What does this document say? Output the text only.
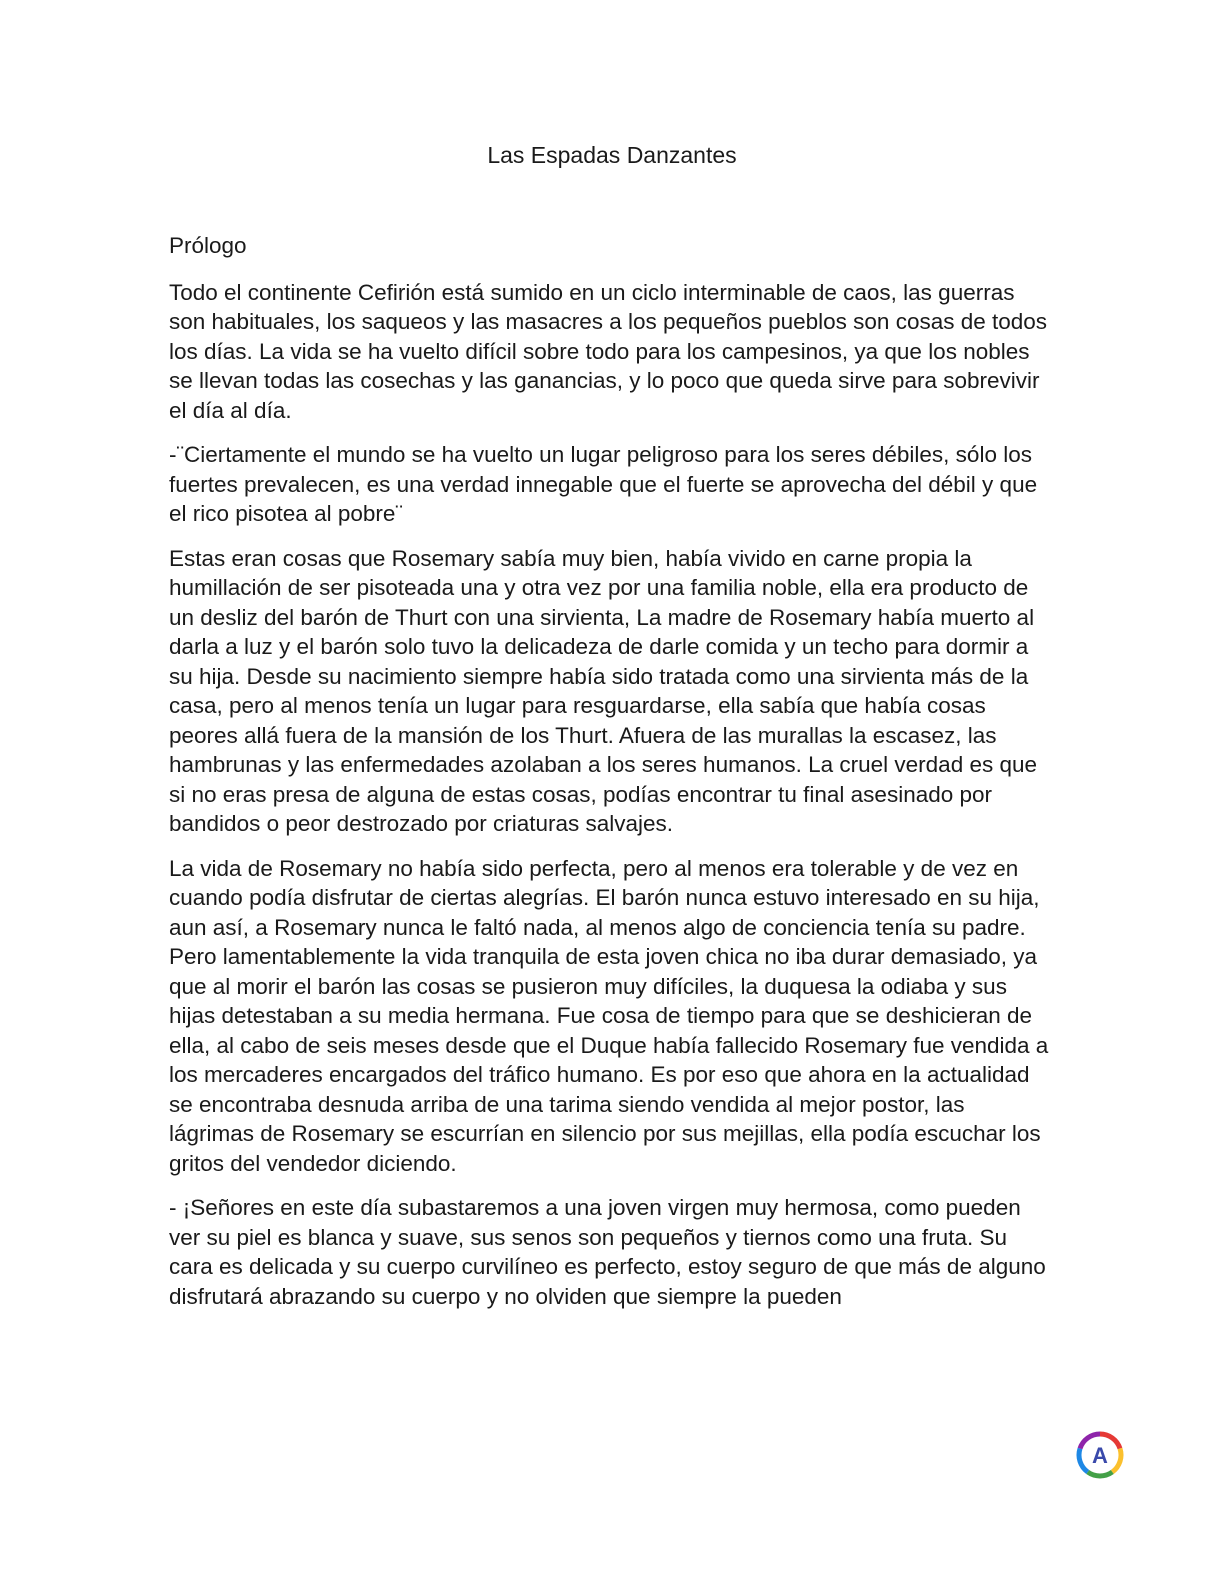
Las Espadas Danzantes

Prólogo

Todo el continente Cefirión está sumido en un ciclo interminable de caos, las guerras son habituales, los saqueos y las masacres a los pequeños pueblos son cosas de todos los días. La vida se ha vuelto difícil sobre todo para los campesinos, ya que los nobles se llevan todas las cosechas y las ganancias, y lo poco que queda sirve para sobrevivir el día al día.

-¨Ciertamente el mundo se ha vuelto un lugar peligroso para los seres débiles, sólo los fuertes prevalecen, es una verdad innegable que el fuerte se aprovecha del débil y que el rico pisotea al pobre¨

Estas eran cosas que Rosemary sabía muy bien, había vivido en carne propia la humillación de ser pisoteada una y otra vez por una familia noble, ella era producto de un desliz del barón de Thurt con una sirvienta, La madre de Rosemary había muerto al darla a luz y el barón solo tuvo la delicadeza de darle comida y un techo para dormir a su hija. Desde su nacimiento siempre había sido tratada como una sirvienta más de la casa, pero al menos tenía un lugar para resguardarse, ella sabía que había cosas peores allá fuera de la mansión de los Thurt. Afuera de las murallas la escasez, las hambrunas y las enfermedades azolaban a los seres humanos. La cruel verdad es que si no eras presa de alguna de estas cosas, podías encontrar tu final asesinado por bandidos o peor destrozado por criaturas salvajes.

La vida de Rosemary no había sido perfecta, pero al menos era tolerable y de vez en cuando podía disfrutar de ciertas alegrías. El barón nunca estuvo interesado en su hija, aun así, a Rosemary nunca le faltó nada, al menos algo de conciencia tenía su padre. Pero lamentablemente la vida tranquila de esta joven chica no iba durar demasiado, ya que al morir el barón las cosas se pusieron muy difíciles, la duquesa la odiaba y sus hijas detestaban a su media hermana. Fue cosa de tiempo para que se deshicieran de ella, al cabo de seis meses desde que el Duque había fallecido Rosemary fue vendida a los mercaderes encargados del tráfico humano. Es por eso que ahora en la actualidad se encontraba desnuda arriba de una tarima siendo vendida al mejor postor, las lágrimas de Rosemary se escurrían en silencio por sus mejillas, ella podía escuchar los gritos del vendedor diciendo.

- ¡Señores en este día subastaremos a una joven virgen muy hermosa, como pueden ver su piel es blanca y suave, sus senos son pequeños y tiernos como una fruta. Su cara es delicada y su cuerpo curvilíneo es perfecto, estoy seguro de que más de alguno disfrutará abrazando su cuerpo y no olviden que siempre la pueden

A
